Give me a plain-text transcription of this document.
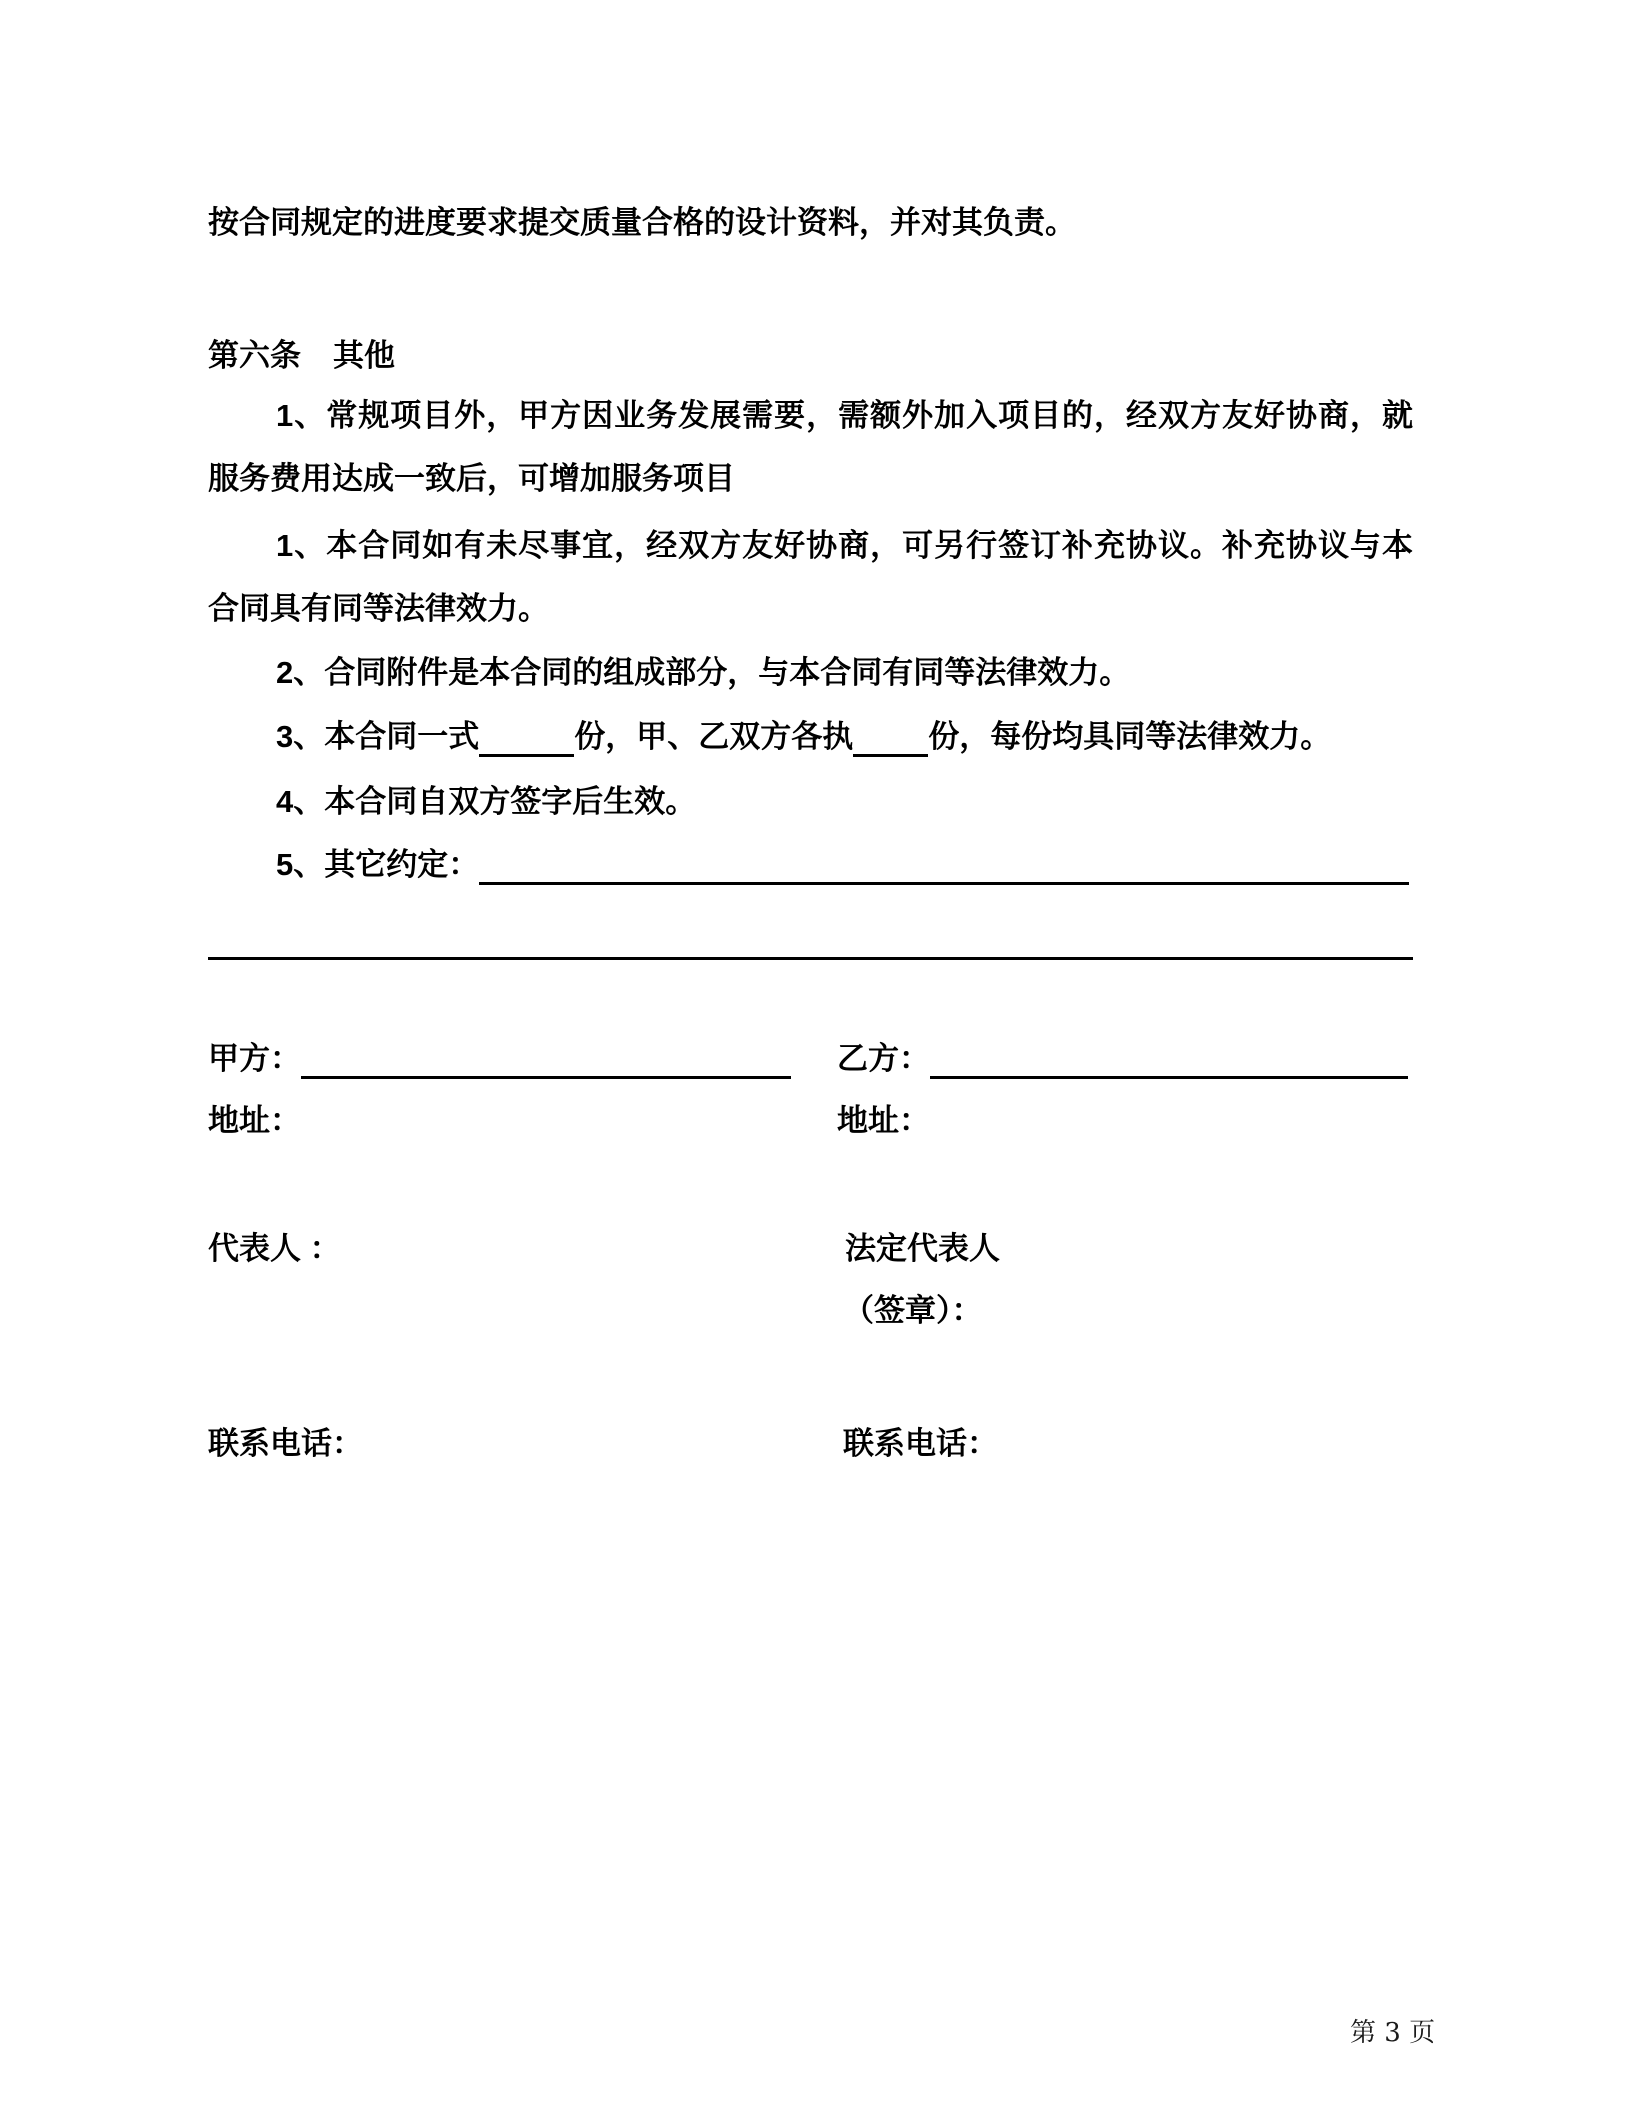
按合同规定的进度要求提交质量合格的设计资料，并对其负责。
第六条 其他
1、常规项目外，甲方因业务发展需要，需额外加入项目的，经双方友好协商，就
服务费用达成一致后，可增加服务项目
1、本合同如有未尽事宜，经双方友好协商，可另行签订补充协议。补充协议与本
合同具有同等法律效力。
2、合同附件是本合同的组成部分，与本合同有同等法律效力。
3、本合同一式	份，甲、乙双方各执 份，每份均具同等法律效力。
4、本合同自双方签字后生效。
5、其它约定：
甲方：	乙方：
地址：	地址：
代表人 ：	法定代表人
（签章）：
联系电话：	联系电话：
第 3 页
